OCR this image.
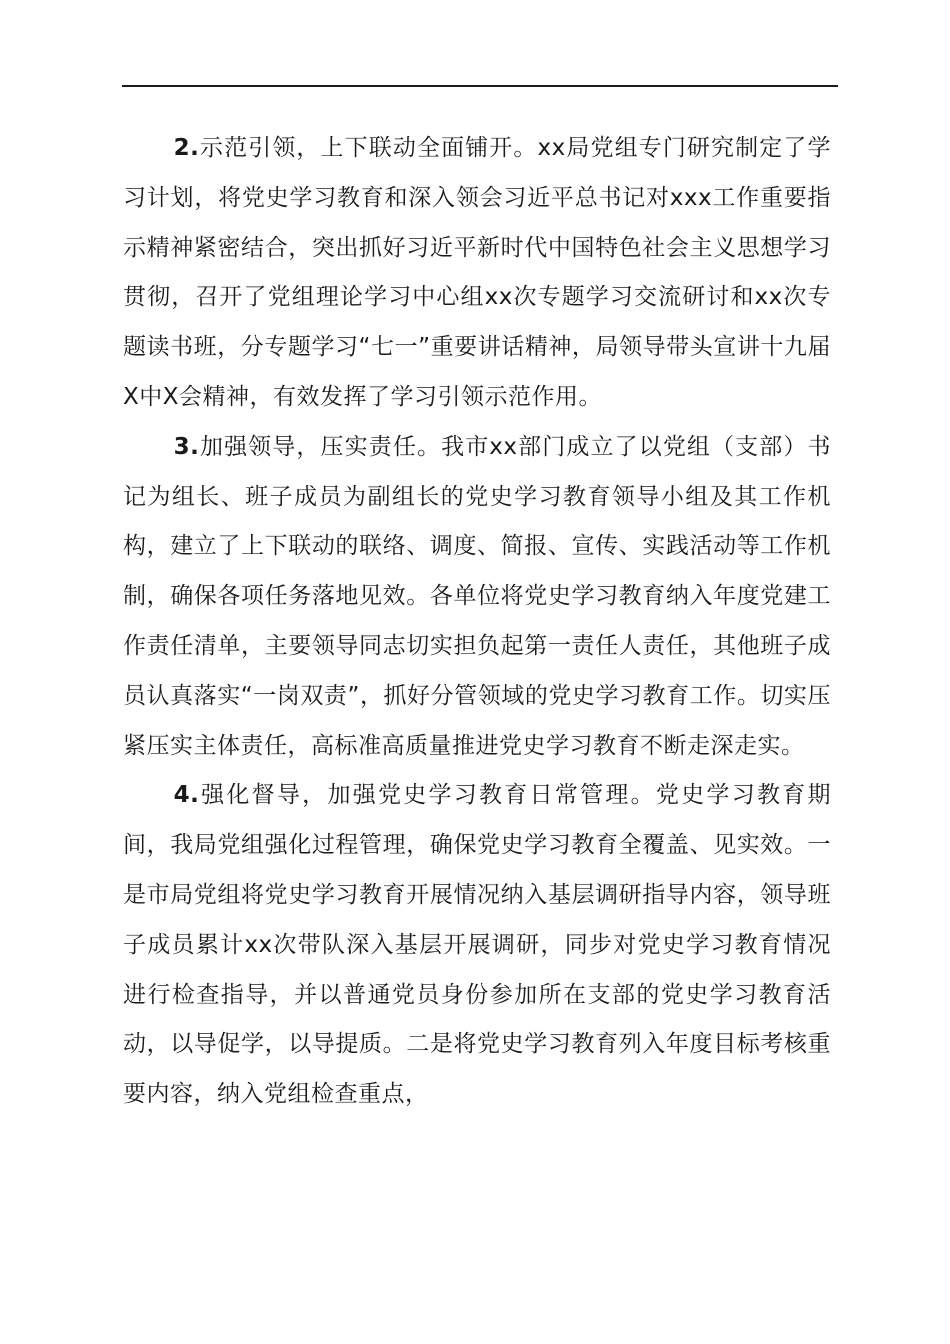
2.示范引领，上下联动全面铺开。xx局党组专门研究制定了学习计划，将党史学习教育和深入领会习近平总书记对xxx工作重要指示精神紧密结合，突出抓好习近平新时代中国特色社会主义思想学习贯彻，召开了党组理论学习中心组xx次专题学习交流研讨和xx次专题读书班，分专题学习“七一”重要讲话精神，局领导带头宣讲十九届X中X会精神，有效发挥了学习引领示范作用。

3.加强领导，压实责任。我市xx部门成立了以党组（支部）书记为组长、班子成员为副组长的党史学习教育领导小组及其工作机构，建立了上下联动的联络、调度、简报、宣传、实践活动等工作机制，确保各项任务落地见效。各单位将党史学习教育纳入年度党建工作责任清单，主要领导同志切实担负起第一责任人责任，其他班子成员认真落实“一岗双责”，抓好分管领域的党史学习教育工作。切实压紧压实主体责任，高标准高质量推进党史学习教育不断走深走实。

4.强化督导，加强党史学习教育日常管理。党史学习教育期间，我局党组强化过程管理，确保党史学习教育全覆盖、见实效。一是市局党组将党史学习教育开展情况纳入基层调研指导内容，领导班子成员累计xx次带队深入基层开展调研，同步对党史学习教育情况进行检查指导，并以普通党员身份参加所在支部的党史学习教育活动，以导促学，以导提质。二是将党史学习教育列入年度目标考核重要内容，纳入党组检查重点，
